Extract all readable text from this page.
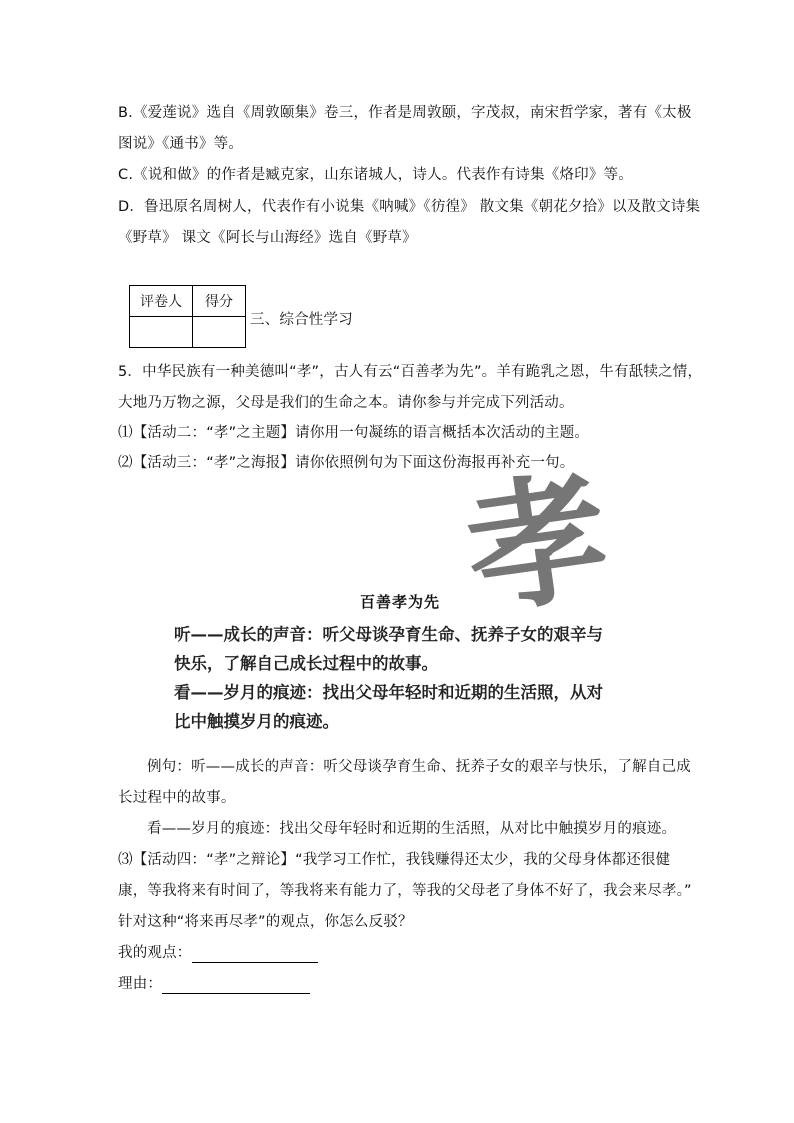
B.《爱莲说》选自《周敦颐集》卷三，作者是周敦颐，字茂叔，南宋哲学家，著有《太极
图说》《通书》等。
C.《说和做》的作者是臧克家，山东诸城人，诗人。代表作有诗集《烙印》等。
D．鲁迅原名周树人，代表作有小说集《呐喊》《彷徨》 散文集《朝花夕拾》以及散文诗集
《野草》 课文《阿长与山海经》选自《野草》
评卷人	得分

三、综合性学习
5．中华民族有一种美德叫“孝”，古人有云“百善孝为先”。羊有跪乳之恩，牛有舐犊之情，
大地乃万物之源，父母是我们的生命之本。请你参与并完成下列活动。
⑴【活动二：“孝”之主题】请你用一句凝练的语言概括本次活动的主题。
⑵【活动三：“孝”之海报】请你依照例句为下面这份海报再补充一句。
孝
百善孝为先
听——成长的声音：听父母谈孕育生命、抚养子女的艰辛与
快乐，了解自己成长过程中的故事。
看——岁月的痕迹：找出父母年轻时和近期的生活照，从对
比中触摸岁月的痕迹。
例句：听——成长的声音：听父母谈孕育生命、抚养子女的艰辛与快乐，了解自己成
长过程中的故事。
看——岁月的痕迹：找出父母年轻时和近期的生活照，从对比中触摸岁月的痕迹。
⑶【活动四：“孝”之辩论】“我学习工作忙，我钱赚得还太少，我的父母身体都还很健
康，等我将来有时间了，等我将来有能力了，等我的父母老了身体不好了，我会来尽孝。”
针对这种“将来再尽孝”的观点，你怎么反驳？
我的观点：
理由：
